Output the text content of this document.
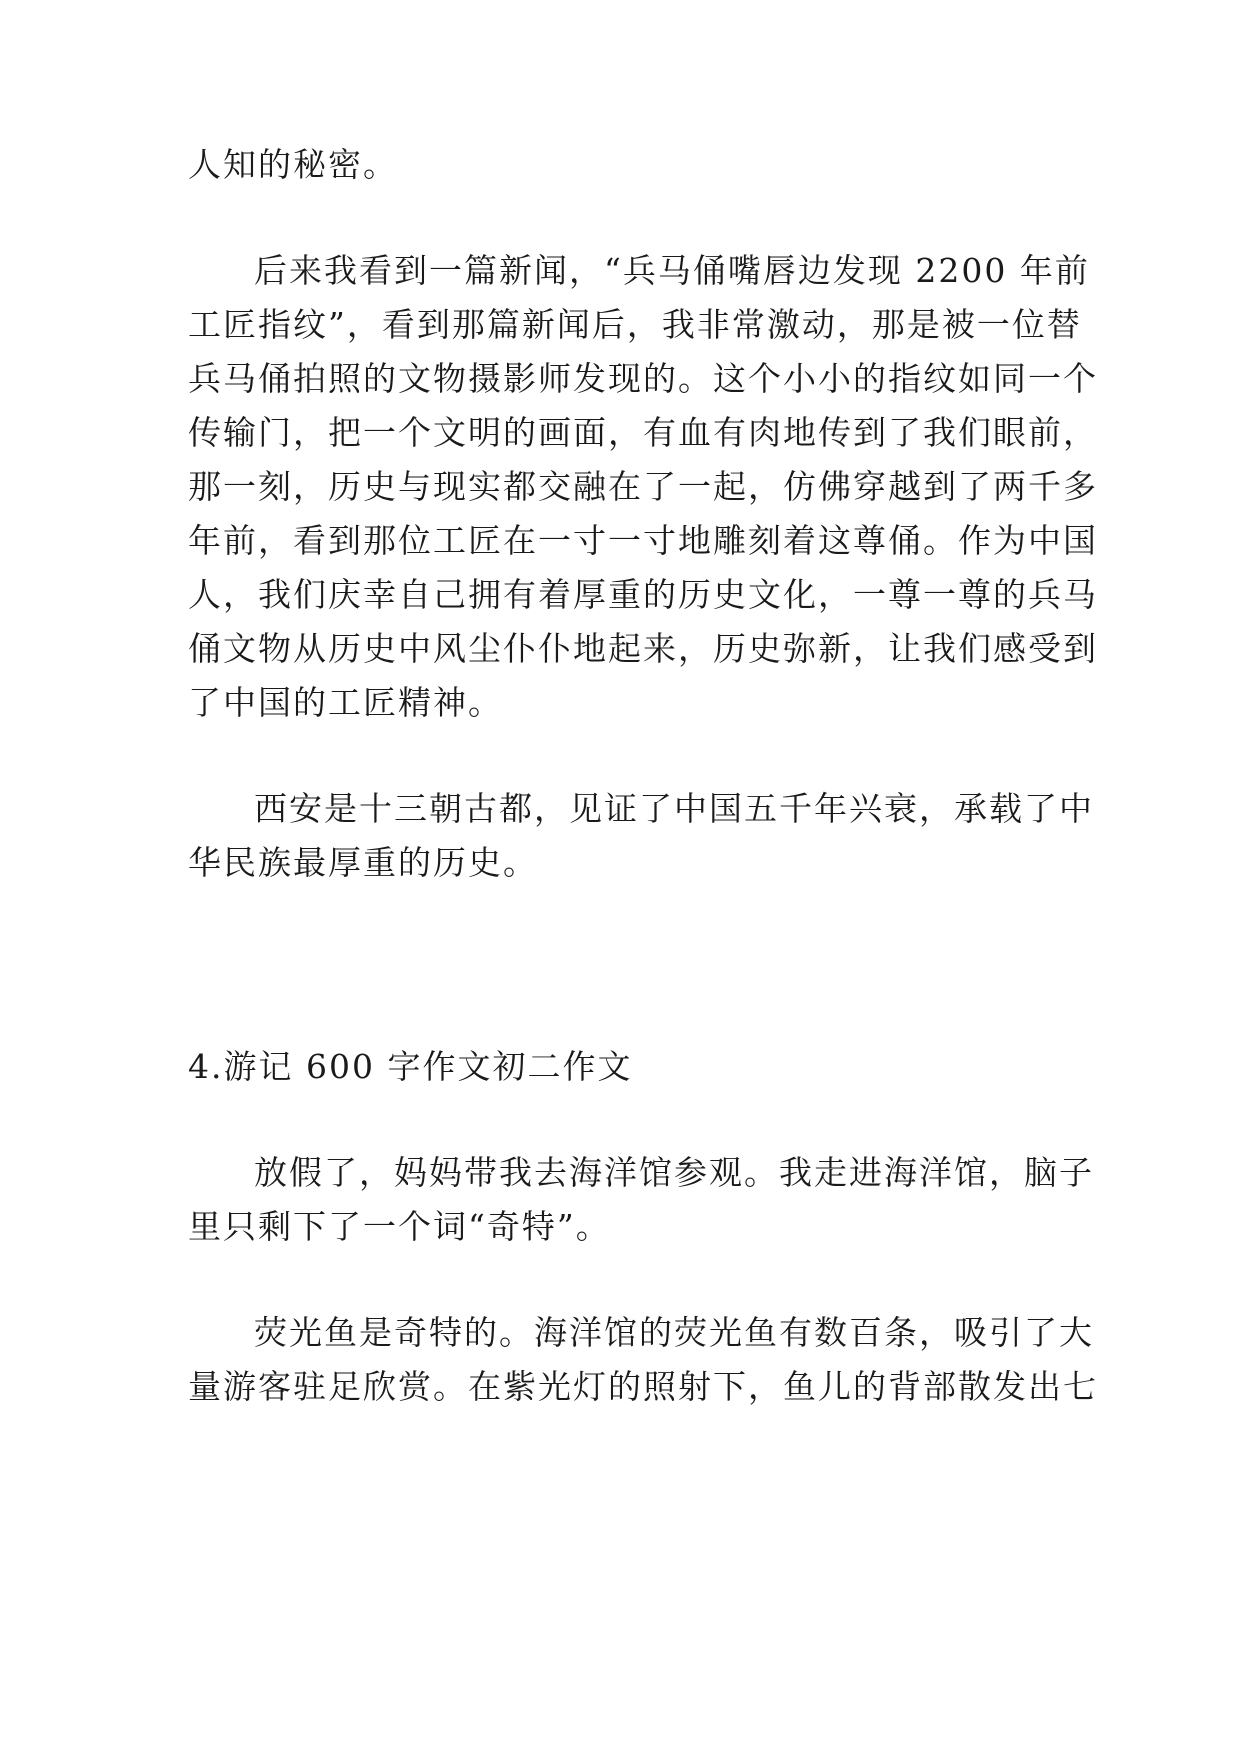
人知的秘密。
后来我看到一篇新闻，“兵马俑嘴唇边发现 2200 年前
工匠指纹”，看到那篇新闻后，我非常激动，那是被一位替
兵马俑拍照的文物摄影师发现的。这个小小的指纹如同一个
传输门，把一个文明的画面，有血有肉地传到了我们眼前，
那一刻，历史与现实都交融在了一起，仿佛穿越到了两千多
年前，看到那位工匠在一寸一寸地雕刻着这尊俑。作为中国
人，我们庆幸自己拥有着厚重的历史文化，一尊一尊的兵马
俑文物从历史中风尘仆仆地起来，历史弥新，让我们感受到
了中国的工匠精神。
西安是十三朝古都，见证了中国五千年兴衰，承载了中
华民族最厚重的历史。
4.游记 600 字作文初二作文
放假了，妈妈带我去海洋馆参观。我走进海洋馆，脑子
里只剩下了一个词“奇特”。
荧光鱼是奇特的。海洋馆的荧光鱼有数百条，吸引了大
量游客驻足欣赏。在紫光灯的照射下，鱼儿的背部散发出七
